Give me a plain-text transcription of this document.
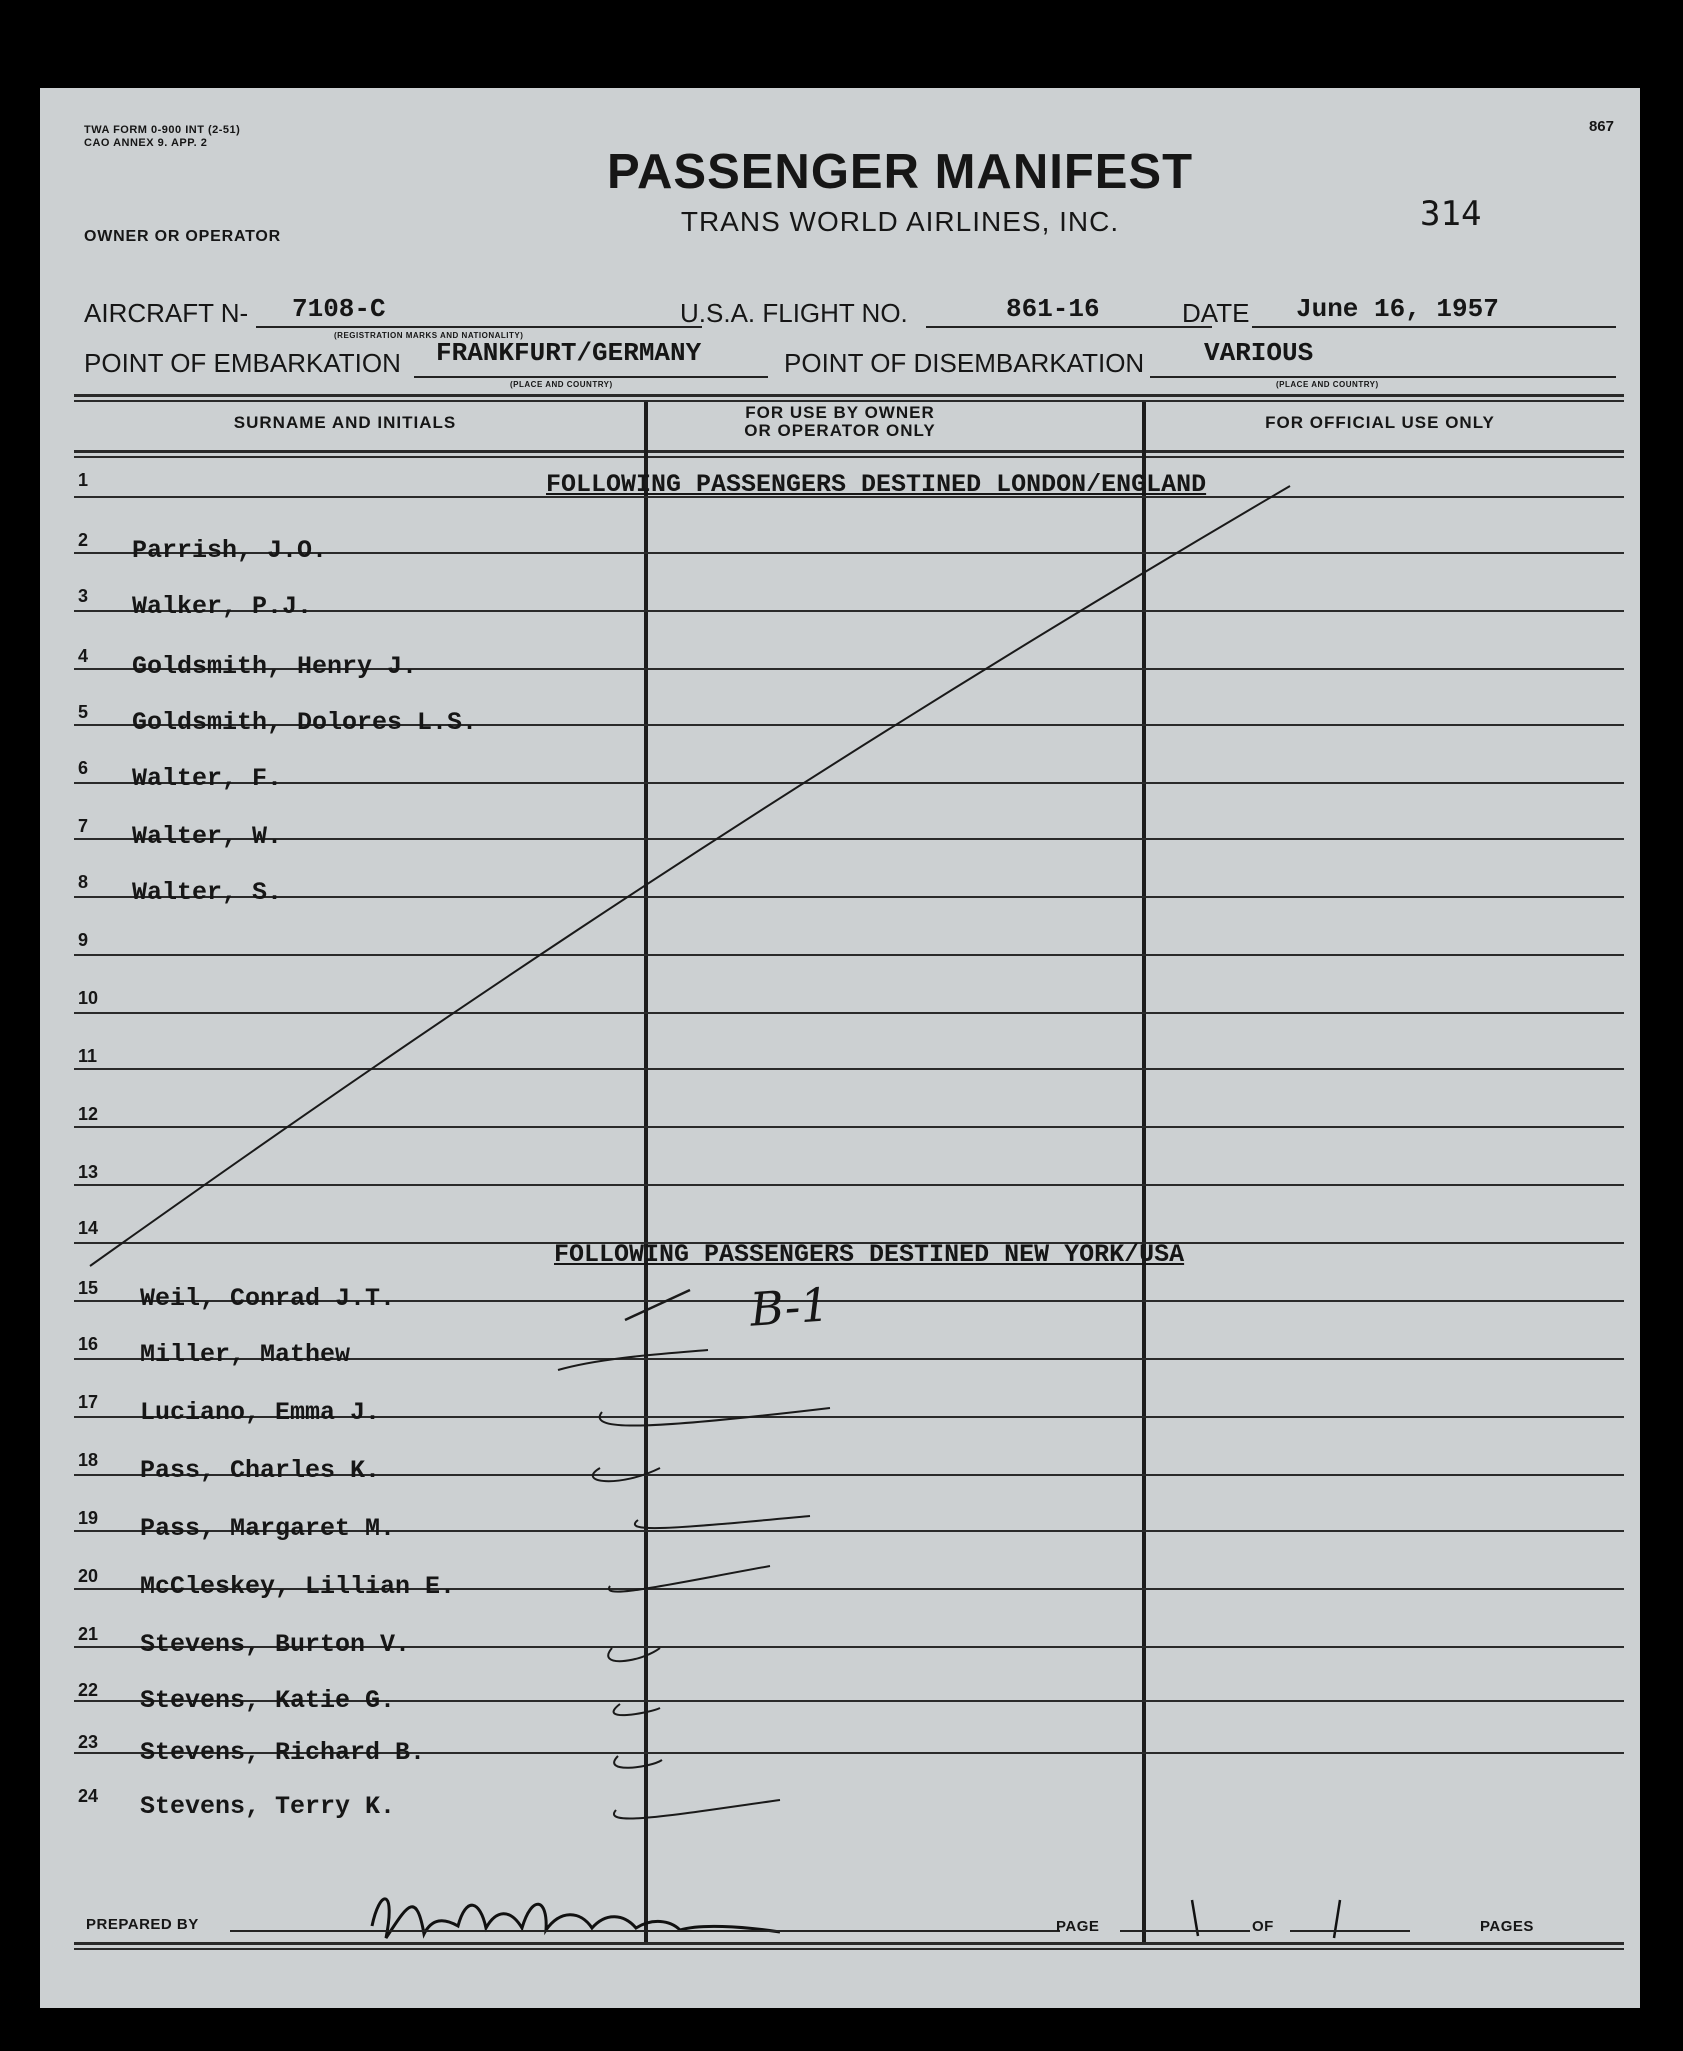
TWA FORM 0-900 INT (2-51)
CAO ANNEX 9. APP. 2
867
PASSENGER MANIFEST
TRANS WORLD AIRLINES, INC.	314
OWNER OR OPERATOR
AIRCRAFT N- 7108-C
(REGISTRATION MARKS AND NATIONALITY)
U.S.A. FLIGHT NO.	861-16	DATE June 16, 1957
POINT OF EMBARKATION FRANKFURT/GERMANY
(PLACE AND COUNTRY)
POINT OF DISEMBARKATION VARIOUS
(PLACE AND COUNTRY)
SURNAME AND INITIALS
FOR USE BY OWNER
OR OPERATOR ONLY	FOR OFFICIAL USE ONLY
1
2	Parrish, J.O.
3	Walker, P.J.
4	Goldsmith, Henry J.
5	Goldsmith, Dolores L.S.
6	Walter, F.
7	Walter, W.
8	Walter, S.
9
10
11
12
13
14
15	Weil, Conrad J.T.
16	Miller, Mathew
17	Luciano, Emma J.
18	Pass, Charles K.
19	Pass, Margaret M.
20	McCleskey, Lillian E.
21	Stevens, Burton V.
22	Stevens, Katie G.
23	Stevens, Richard B.
24	Stevens, Terry K.
FOLLOWING PASSENGERS DESTINED LONDON/ENGLAND
FOLLOWING PASSENGERS DESTINED NEW YORK/USA
B-1
PREPARED BY	PAGE	OF	PAGES
